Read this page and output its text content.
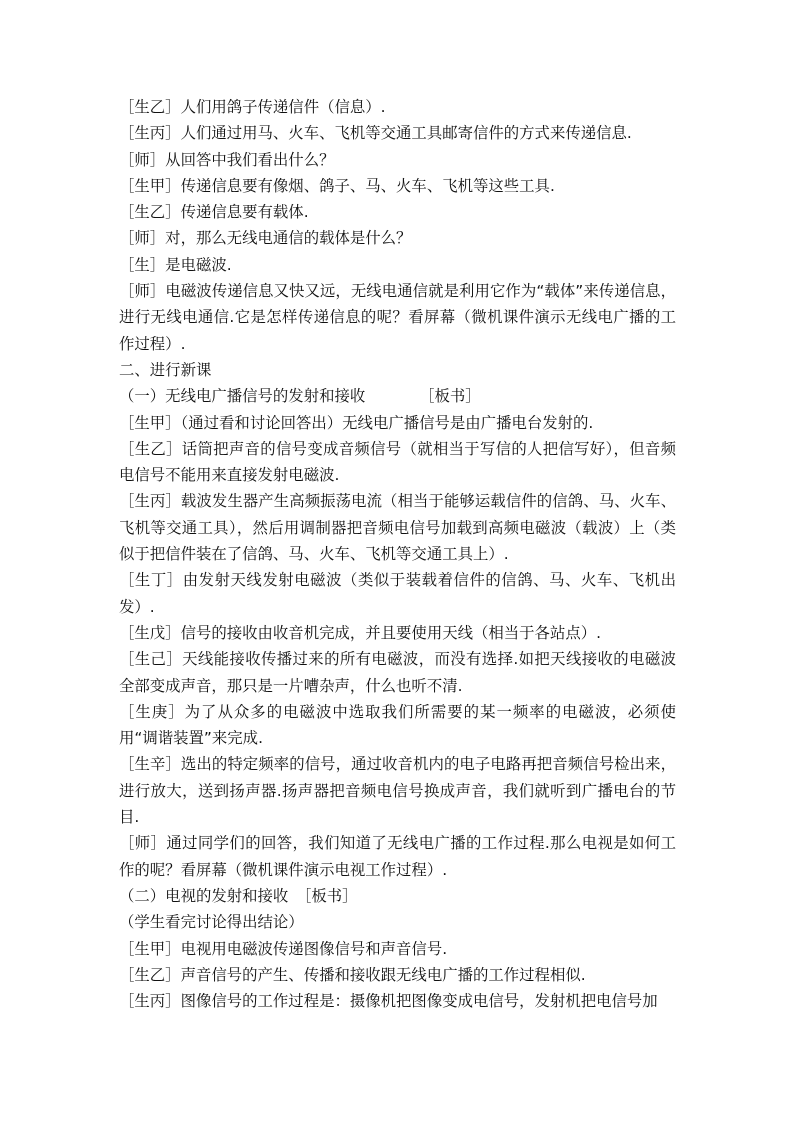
［生乙］人们用鸽子传递信件（信息）.

［生丙］人们通过用马、火车、飞机等交通工具邮寄信件的方式来传递信息.

［师］从回答中我们看出什么？

［生甲］传递信息要有像烟、鸽子、马、火车、飞机等这些工具.

［生乙］传递信息要有载体.

［师］对，那么无线电通信的载体是什么？

［生］是电磁波.

［师］电磁波传递信息又快又远，无线电通信就是利用它作为“载体”来传递信息，进行无线电通信.它是怎样传递信息的呢？看屏幕（微机课件演示无线电广播的工作过程）.

二、进行新课

（一）无线电广播信号的发射和接收　　　　［板书］

［生甲］（通过看和讨论回答出）无线电广播信号是由广播电台发射的.

［生乙］话筒把声音的信号变成音频信号（就相当于写信的人把信写好），但音频电信号不能用来直接发射电磁波.

［生丙］载波发生器产生高频振荡电流（相当于能够运载信件的信鸽、马、火车、飞机等交通工具），然后用调制器把音频电信号加载到高频电磁波（载波）上（类似于把信件装在了信鸽、马、火车、飞机等交通工具上）.

［生丁］由发射天线发射电磁波（类似于装载着信件的信鸽、马、火车、飞机出发）.

［生戊］信号的接收由收音机完成，并且要使用天线（相当于各站点）.

［生己］天线能接收传播过来的所有电磁波，而没有选择.如把天线接收的电磁波全部变成声音，那只是一片嘈杂声，什么也听不清.

［生庚］为了从众多的电磁波中选取我们所需要的某一频率的电磁波，必须使用“调谐装置”来完成.

［生辛］选出的特定频率的信号，通过收音机内的电子电路再把音频信号检出来，进行放大，送到扬声器.扬声器把音频电信号换成声音，我们就听到广播电台的节目.

［师］通过同学们的回答，我们知道了无线电广播的工作过程.那么电视是如何工作的呢？看屏幕（微机课件演示电视工作过程）.

（二）电视的发射和接收　［板书］

（学生看完讨论得出结论）

［生甲］电视用电磁波传递图像信号和声音信号.

［生乙］声音信号的产生、传播和接收跟无线电广播的工作过程相似.

［生丙］图像信号的工作过程是：摄像机把图像变成电信号，发射机把电信号加
